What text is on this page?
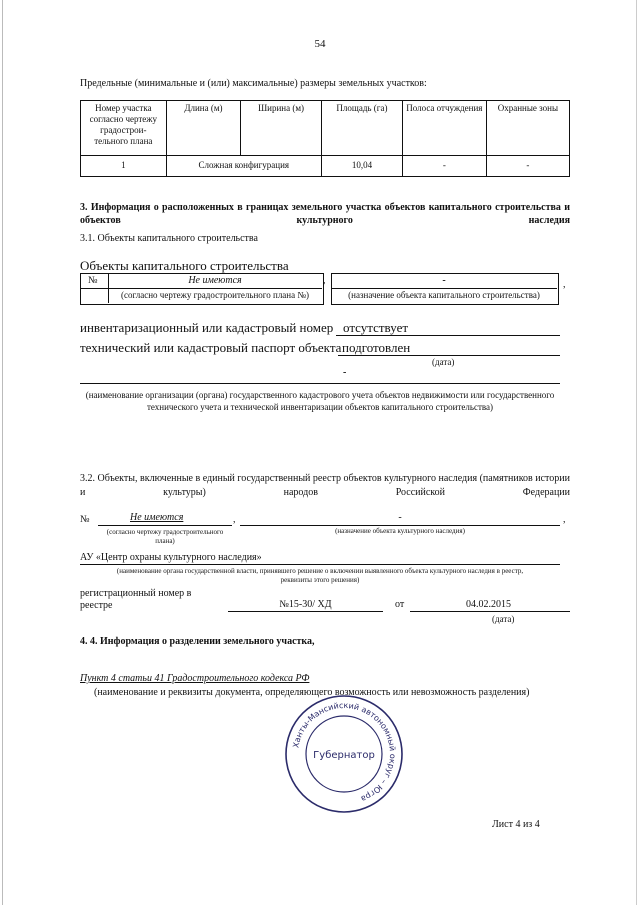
54
Предельные (минимальные и (или) максимальные) размеры земельных участков:
Номер участка согласно чертежу градострои-тельного плана	Длина (м)	Ширина (м)	Площадь (га)	Полоса отчуждения	Охранные зоны
1	Сложная конфигурация		10,04	-	-
3. Информация о расположенных в границах земельного участка объектов капитального строительства и объектов культурного наследия
3.1. Объекты капитального строительства
Объекты капитального строительства
№	Не имеются
(согласно чертежу градостроительного плана №)
,	-
(назначение объекта капитального строительства)
,
инвентаризационный или кадастровый номер отсутствует
технический или кадастровый паспорт объекта подготовлен
(дата)
-
(наименование организации (органа) государственного кадастрового учета объектов недвижимости или государственного технического учета и технической инвентаризации объектов капитального строительства)
3.2. Объекты, включенные в единый государственный реестр объектов культурного наследия (памятников истории и культуры) народов Российской Федерации
№	Не имеются	,	-	,
(согласно чертежу градостроительного плана)
(назначение объекта культурного наследия)
АУ «Центр охраны культурного наследия»
(наименование органа государственной власти, принявшего решение о включении выявленного объекта культурного наследия в реестр, реквизиты этого решения)
регистрационный номер в реестре	№15-30/ ХД	от	04.02.2015
(дата)
4. 4. Информация о разделении земельного участка,
Пункт 4 статьи 41 Градостроительного кодекса РФ
(наименование и реквизиты документа, определяющего возможность или невозможность разделения)
Ханты-Мансийский автономный округ – Югра
Губернатор
Лист 4 из 4
